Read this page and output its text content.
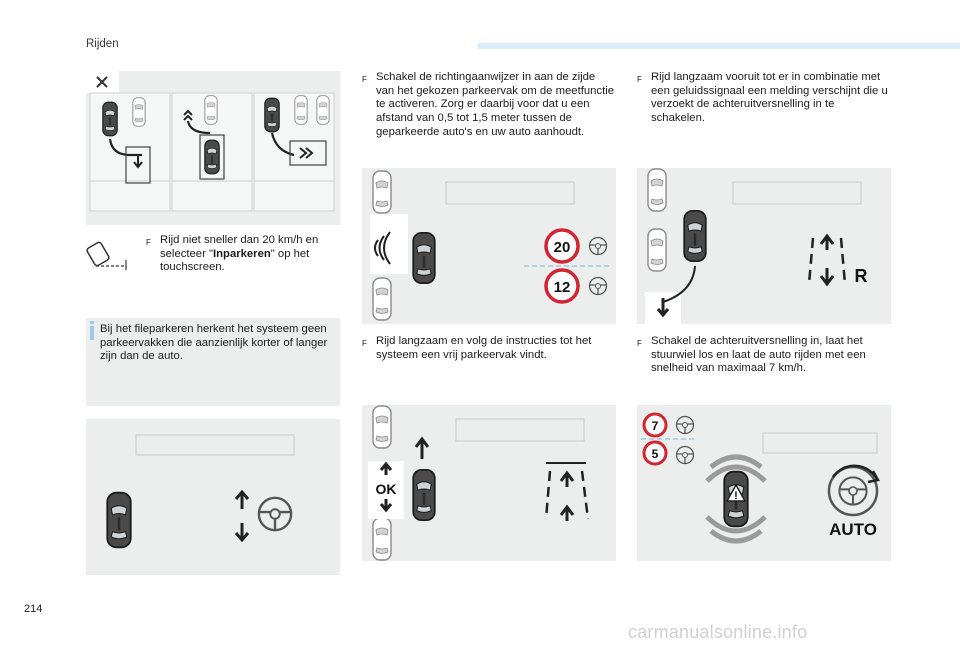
Rijden
F Rijd niet sneller dan 20 km/h en selecteer "Inparkeren" op het touchscreen.
Bij het fileparkeren herkent het systeem geen parkeervakken die aanzienlijk korter of langer zijn dan de auto.
F Schakel de richtingaanwijzer in aan de zijde van het gekozen parkeervak om de meetfunctie te activeren. Zorg er daarbij voor dat u een afstand van 0,5 tot 1,5 meter tussen de geparkeerde auto's en uw auto aanhoudt.
20
12
F Rijd langzaam en volg de instructies tot het systeem een vrij parkeervak vindt.
OK
F Rijd langzaam vooruit tot er in combinatie met een geluidssignaal een melding verschijnt die u verzoekt de achteruitversnelling in te schakelen.
R
F Schakel de achteruitversnelling in, laat het stuurwiel los en laat de auto rijden met een snelheid van maximaal 7 km/h.
7
5
!
AUTO
214
carmanualsonline.info
